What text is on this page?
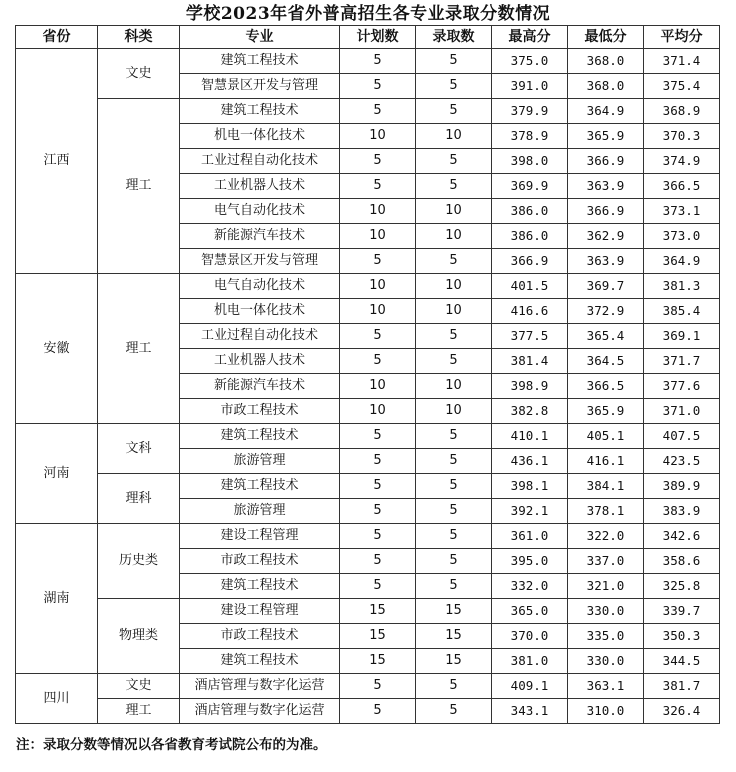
学校2023年省外普高招生各专业录取分数情况
省份	科类	专业	计划数	录取数	最高分	最低分	平均分
江西	文史	建筑工程技术	5	5	375.0	368.0	371.4
		智慧景区开发与管理	5	5	391.0	368.0	375.4
	理工	建筑工程技术	5	5	379.9	364.9	368.9
		机电一体化技术	10	10	378.9	365.9	370.3
		工业过程自动化技术	5	5	398.0	366.9	374.9
		工业机器人技术	5	5	369.9	363.9	366.5
		电气自动化技术	10	10	386.0	366.9	373.1
		新能源汽车技术	10	10	386.0	362.9	373.0
		智慧景区开发与管理	5	5	366.9	363.9	364.9
安徽	理工	电气自动化技术	10	10	401.5	369.7	381.3
		机电一体化技术	10	10	416.6	372.9	385.4
		工业过程自动化技术	5	5	377.5	365.4	369.1
		工业机器人技术	5	5	381.4	364.5	371.7
		新能源汽车技术	10	10	398.9	366.5	377.6
		市政工程技术	10	10	382.8	365.9	371.0
河南	文科	建筑工程技术	5	5	410.1	405.1	407.5
		旅游管理	5	5	436.1	416.1	423.5
	理科	建筑工程技术	5	5	398.1	384.1	389.9
		旅游管理	5	5	392.1	378.1	383.9
湖南	历史类	建设工程管理	5	5	361.0	322.0	342.6
		市政工程技术	5	5	395.0	337.0	358.6
		建筑工程技术	5	5	332.0	321.0	325.8
	物理类	建设工程管理	15	15	365.0	330.0	339.7
		市政工程技术	15	15	370.0	335.0	350.3
		建筑工程技术	15	15	381.0	330.0	344.5
四川	文史	酒店管理与数字化运营	5	5	409.1	363.1	381.7
	理工	酒店管理与数字化运营	5	5	343.1	310.0	326.4
注：录取分数等情况以各省教育考试院公布的为准。
